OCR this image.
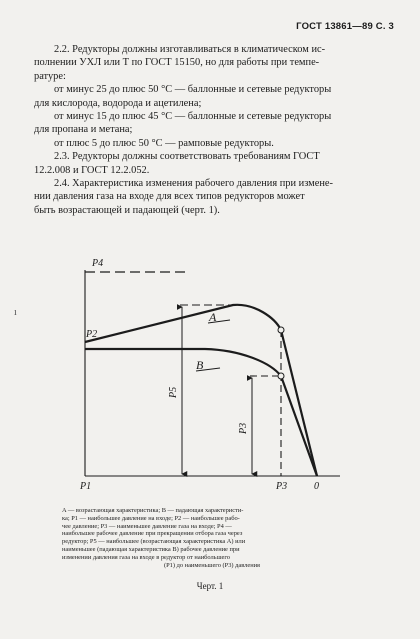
ГОСТ 13861—89 С. 3

2.2. Редукторы должны изготавливаться в климатическом ис-

полнении УХЛ или Т по ГОСТ 15150, но для работы при темпе-

ратуре:

от минус 25 до плюс 50 °С — баллонные и сетевые редукторы

для кислорода, водорода и ацетилена;

от минус 15 до плюс 45 °С — баллонные и сетевые редукторы

для пропана и метана;

от плюс 5 до плюс 50 °С — рамповые редукторы.

2.3. Редукторы должны соответствовать требованиям ГОСТ

12.2.008 и ГОСТ 12.2.052.

2.4. Характеристика изменения рабочего давления при измене-

нии давления газа на входе для всех типов редукторов может

быть возрастающей и падающей (черт. 1).

ı
P4
P2
A
B
P5
P3
P1	P3	0

A — возрастающая характеристика; B — падающая характеристи-

ка; P1 — наибольшее давление на входе; P2 — наибольшее рабо-

чее давление; P3 — наименьшее давление газа на входе; P4 —

наибольшее рабочее давление при прекращении отбора газа через

редуктор; P5 — наибольшее (возрастающая характеристика A) или

наименьшее (падающая характеристика B) рабочее давление при

изменении давления газа на входе в редуктор от наибольшего

(P1) до наименьшего (P3) давления

Черт. 1
